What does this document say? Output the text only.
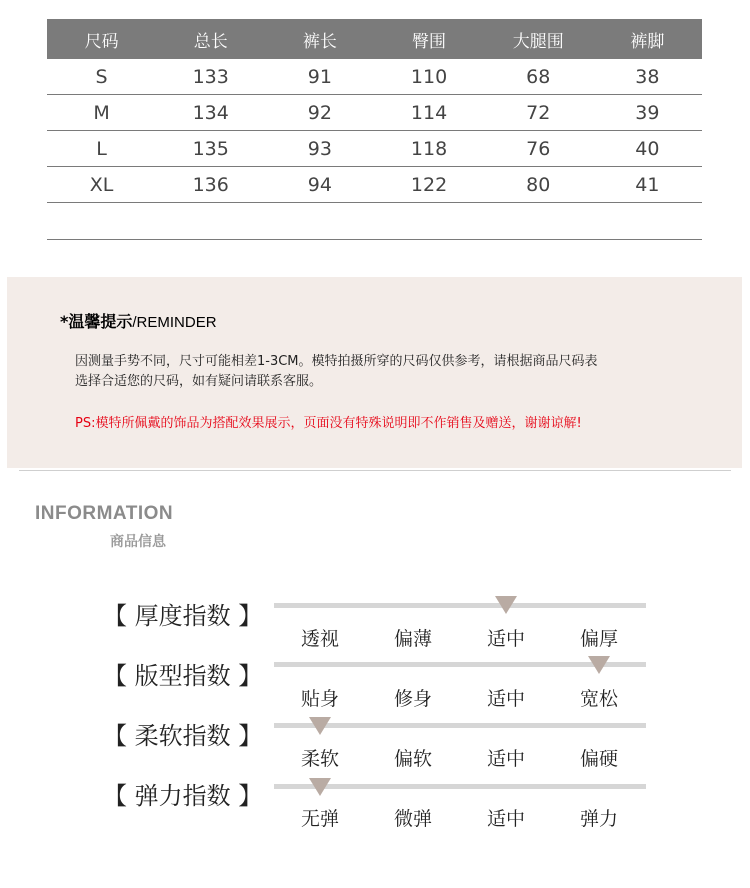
尺码	总长	裤长	臀围	大腿围	裤脚
S	133	91	110	68	38
M	134	92	114	72	39
L	135	93	118	76	40
XL	136	94	122	80	41

*温馨提示/REMINDER
因测量手势不同，尺寸可能相差1-3CM。模特拍摄所穿的尺码仅供参考，请根据商品尺码表
选择合适您的尺码，如有疑问请联系客服。
PS:模特所佩戴的饰品为搭配效果展示，页面没有特殊说明即不作销售及赠送，谢谢谅解!
INFORMATION
商品信息
【 厚度指数 】
透视	偏薄	适中	偏厚
【 版型指数 】
贴身	修身	适中	宽松
【 柔软指数 】
柔软	偏软	适中	偏硬
【 弹力指数 】
无弹	微弹	适中	弹力
